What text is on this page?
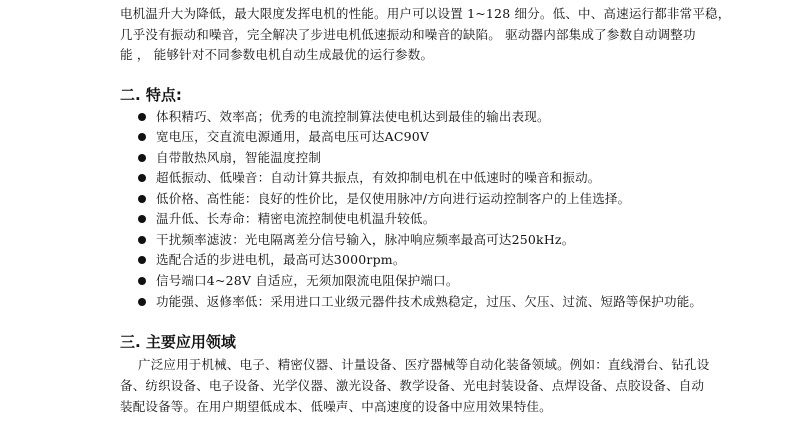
电机温升大为降低，最大限度发挥电机的性能。用户可以设置 1~128 细分。低、中、高速运行都非常平稳，
几乎没有振动和噪音，完全解决了步进电机低速振动和噪音的缺陷。 驱动器内部集成了参数自动调整功
能 ， 能够针对不同参数电机自动生成最优的运行参数。
二. 特点:
体积精巧、效率高；优秀的电流控制算法使电机达到最佳的输出表现。
宽电压，交直流电源通用，最高电压可达AC90V
自带散热风扇，智能温度控制
超低振动、低噪音：自动计算共振点，有效抑制电机在中低速时的噪音和振动。
低价格、高性能：良好的性价比，是仅使用脉冲/方向进行运动控制客户的上佳选择。
温升低、长寿命：精密电流控制使电机温升较低。
干扰频率滤波：光电隔离差分信号输入，脉冲响应频率最高可达250kHz。
选配合适的步进电机，最高可达3000rpm。
信号端口4~28V 自适应，无须加限流电阻保护端口。
功能强、返修率低：采用进口工业级元器件技术成熟稳定，过压、欠压、过流、短路等保护功能。
三. 主要应用领域
广泛应用于机械、电子、精密仪器、计量设备、医疗器械等自动化装备领域。例如：直线滑台、钻孔设
备、纺织设备、电子设备、光学仪器、激光设备、教学设备、光电封装设备、点焊设备、点胶设备、自动
装配设备等。在用户期望低成本、低噪声、中高速度的设备中应用效果特佳。
